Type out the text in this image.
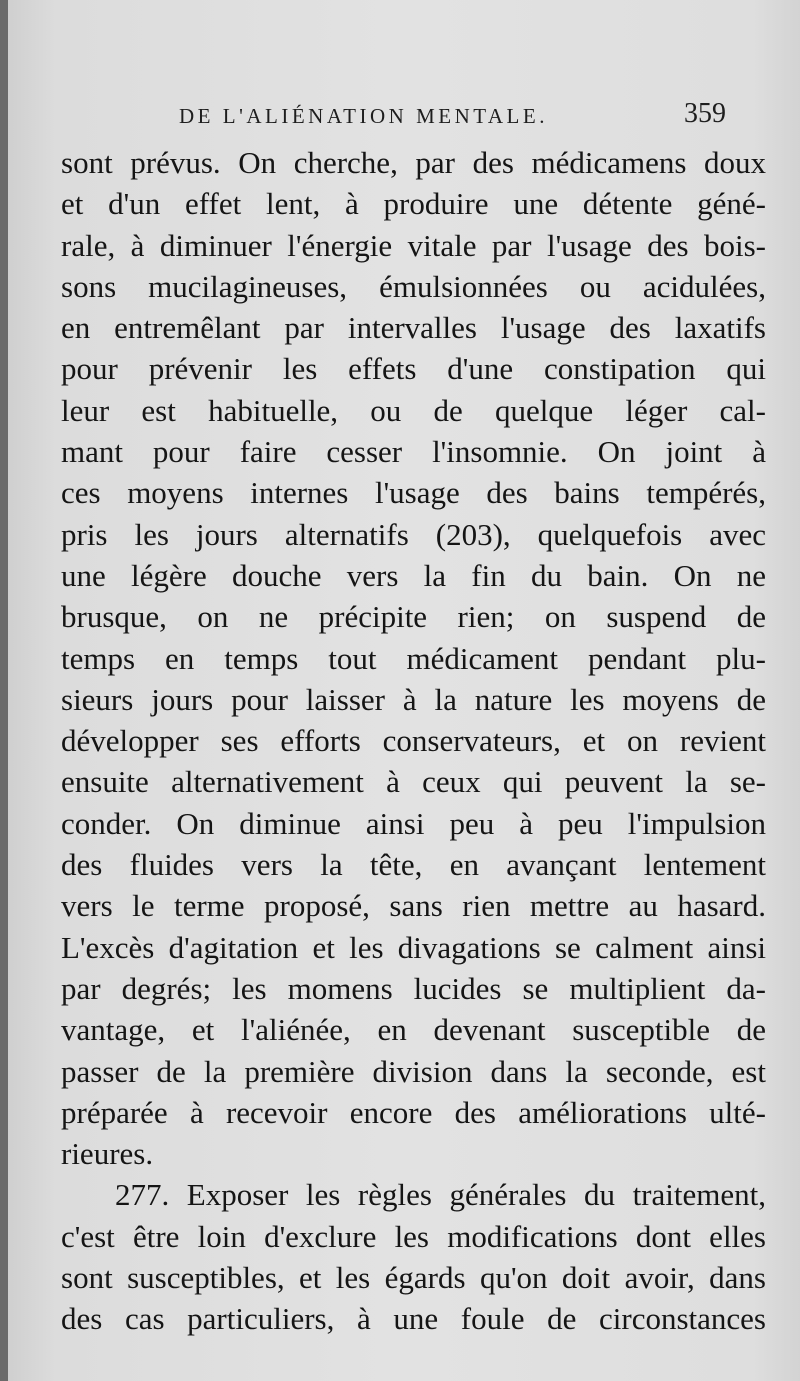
DE L'ALIÉNATION MENTALE.	359
sont prévus. On cherche, par des médicamens doux
et d'un effet lent, à produire une détente géné-
rale, à diminuer l'énergie vitale par l'usage des bois-
sons mucilagineuses, émulsionnées ou acidulées,
en entremêlant par intervalles l'usage des laxatifs
pour prévenir les effets d'une constipation qui
leur est habituelle, ou de quelque léger cal-
mant pour faire cesser l'insomnie. On joint à
ces moyens internes l'usage des bains tempérés,
pris les jours alternatifs (203), quelquefois avec
une légère douche vers la fin du bain. On ne
brusque, on ne précipite rien; on suspend de
temps en temps tout médicament pendant plu-
sieurs jours pour laisser à la nature les moyens de
développer ses efforts conservateurs, et on revient
ensuite alternativement à ceux qui peuvent la se-
conder. On diminue ainsi peu à peu l'impulsion
des fluides vers la tête, en avançant lentement
vers le terme proposé, sans rien mettre au hasard.
L'excès d'agitation et les divagations se calment ainsi
par degrés; les momens lucides se multiplient da-
vantage, et l'aliénée, en devenant susceptible de
passer de la première division dans la seconde, est
préparée à recevoir encore des améliorations ulté-
rieures.
277. Exposer les règles générales du traitement,
c'est être loin d'exclure les modifications dont elles
sont susceptibles, et les égards qu'on doit avoir, dans
des cas particuliers, à une foule de circonstances
